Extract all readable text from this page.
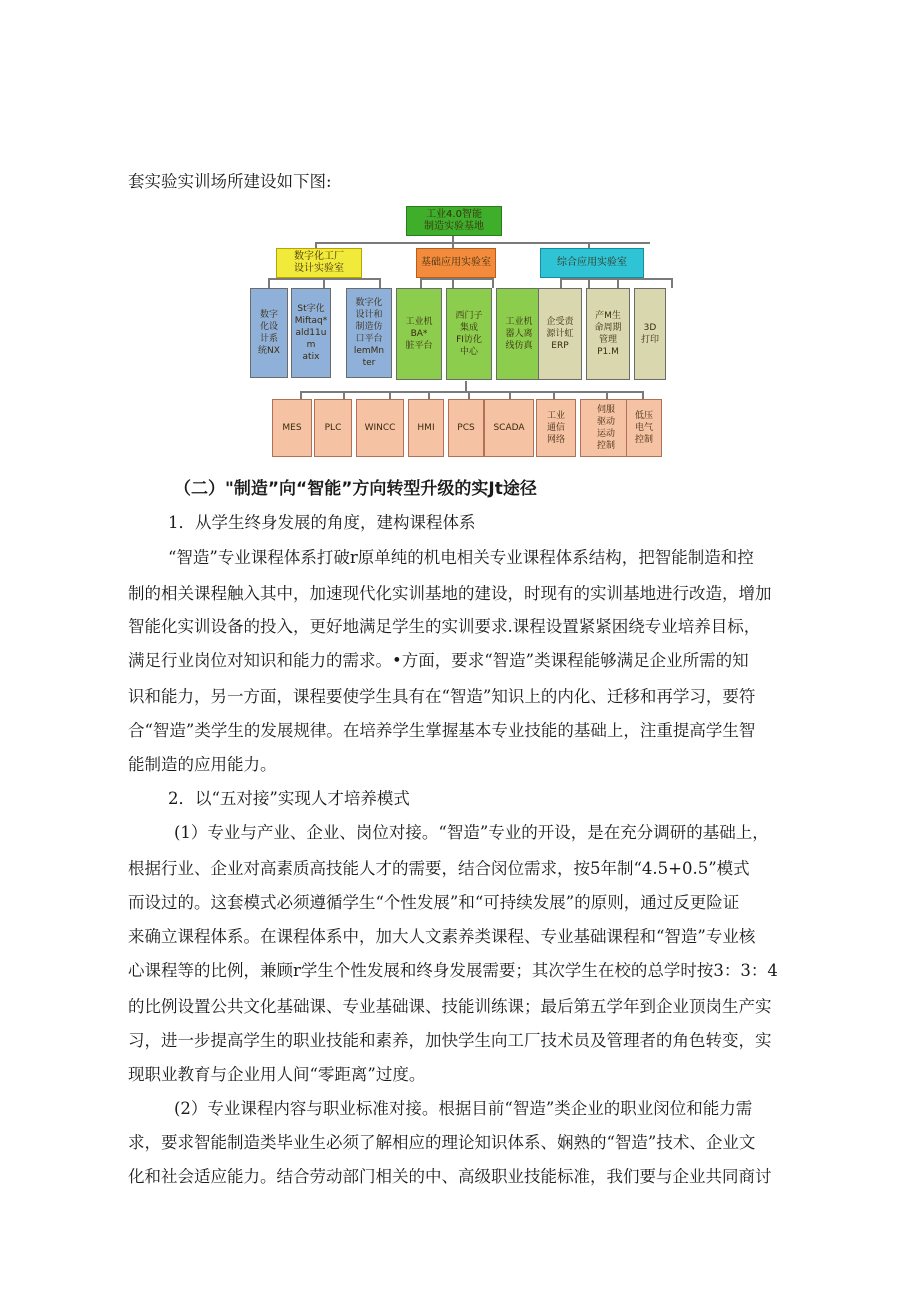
套实验实训场所建设如下图:
工业4.0智能
制造实验基地
数字化工厂
设计实验室
基础应用实验室	综合应用实验室
数字
化设
计系
统NX
St字化
Miftaq*
ald11u
m
atix
数字化
设计和
制造仿
口平台
lemMn
ter
工业机
BA*
脏平台
西门子
集成
FI访化
中心
工业机
器人离
线仿真
企受责
源计虹
ERP
产M生
命周期
管理
P1.M
3D
打印
MES	PLC	WINCC	HMI	PCS	SCADA
工业
通信
网络
伺服
驱动
运动
控制
低压
电气
控制
（二）"制造”向“智能”方向转型升级的实Jt途径
1．从学生终身发展的角度，建构课程体系
“智造”专业课程体系打破r原单纯的机电相关专业课程体系结构，把智能制造和控
制的相关课程触入其中，加速现代化实训基地的建设，时现有的实训基地进行改造，增加
智能化实训设备的投入，更好地满足学生的实训要求.课程设置紧紧困绕专业培养目标，
满足行业岗位对知识和能力的需求。•方面，要求“智造”类课程能够满足企业所需的知
识和能力，另一方面，课程要使学生具有在“智造”知识上的内化、迁移和再学习，要符
合“智造”类学生的发展规律。在培养学生掌握基本专业技能的基础上，注重提高学生智
能制造的应用能力。
2．以“五对接”实现人才培养模式
(1）专业与产业、企业、岗位对接。“智造”专业的开设，是在充分调研的基础上，
根据行业、企业对高素质高技能人才的需要，结合闵位需求，按5年制“4.5+0.5”模式
而设过的。这套模式必须遵循学生“个性发展”和“可持续发展”的原则，通过反更险证
来确立课程体系。在课程体系中，加大人文素养类课程、专业基础课程和“智造”专业核
心课程等的比例，兼顾r学生个性发展和终身发展需要；其次学生在校的总学时按3：3：4
的比例设置公共文化基础课、专业基础课、技能训练课；最后第五学年到企业顶岗生产实
习，进一步提高学生的职业技能和素养，加快学生向工厂技术员及管理者的角色转变，实
现职业教育与企业用人间“零距离”过度。
(2）专业课程内容与职业标准对接。根据目前“智造”类企业的职业闵位和能力需
求，要求智能制造类毕业生必须了解相应的理论知识体系、娴熟的“智造”技术、企业文
化和社会适应能力。结合劳动部门相关的中、高级职业技能标准，我们要与企业共同商讨
